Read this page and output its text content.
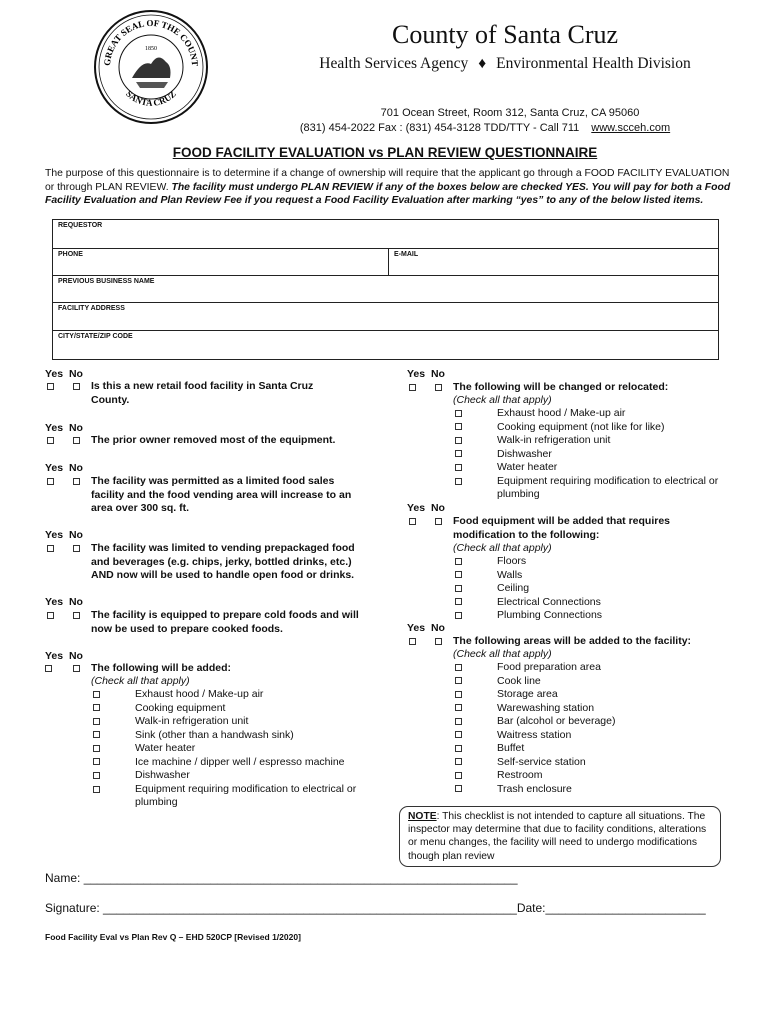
GREAT SEAL OF THE COUNT
SANTA CRUZ
1850	County of Santa Cruz
Health Services Agency ♦ Environmental Health Division
701 Ocean Street, Room 312, Santa Cruz, CA 95060
(831) 454-2022 Fax : (831) 454-3128 TDD/TTY - Call 711 www.scceh.com
FOOD FACILITY EVALUATION vs PLAN REVIEW QUESTIONNAIRE
The purpose of this questionnaire is to determine if a change of ownership will require that the applicant go through a FOOD FACILITY EVALUATION or through PLAN REVIEW. The facility must undergo PLAN REVIEW if any of the boxes below are checked YES. You will pay for both a Food Facility Evaluation and Plan Review Fee if you request a Food Facility Evaluation after marking “yes” to any of the below listed items.
REQUESTOR
PHONE	E-MAIL
PREVIOUS BUSINESS NAME
FACILITY ADDRESS
CITY/STATE/ZIP CODE
Yes No
Is this a new retail food facility in Santa Cruz County.
Yes No
The prior owner removed most of the equipment.
Yes No
The facility was permitted as a limited food sales facility and the food vending area will increase to an area over 300 sq. ft.
Yes No
The facility was limited to vending prepackaged food and beverages (e.g. chips, jerky, bottled drinks, etc.) AND now will be used to handle open food or drinks.
Yes No
The facility is equipped to prepare cold foods and will now be used to prepare cooked foods.
Yes No
The following will be added:
(Check all that apply)
Exhaust hood / Make-up air
Cooking equipment
Walk-in refrigeration unit
Sink (other than a handwash sink)
Water heater
Ice machine / dipper well / espresso machine
Dishwasher
Equipment requiring modification to electrical or plumbing
Yes No
The following will be changed or relocated:
(Check all that apply)
Exhaust hood / Make-up air
Cooking equipment (not like for like)
Walk-in refrigeration unit
Dishwasher
Water heater
Equipment requiring modification to electrical or plumbing
Yes No
Food equipment will be added that requires modification to the following:
(Check all that apply)
Floors
Walls
Ceiling
Electrical Connections
Plumbing Connections
Yes No
The following areas will be added to the facility:
(Check all that apply)
Food preparation area
Cook line
Storage area
Warewashing station
Bar (alcohol or beverage)
Waitress station
Buffet
Self-service station
Restroom
Trash enclosure
NOTE: This checklist is not intended to capture all situations. The inspector may determine that due to facility conditions, alterations or menu changes, the facility will need to undergo modifications though plan review
Name: _________________________________________________________________
Signature: ______________________________________________________________Date:________________________
Food Facility Eval vs Plan Rev Q – EHD 520CP [Revised 1/2020]
